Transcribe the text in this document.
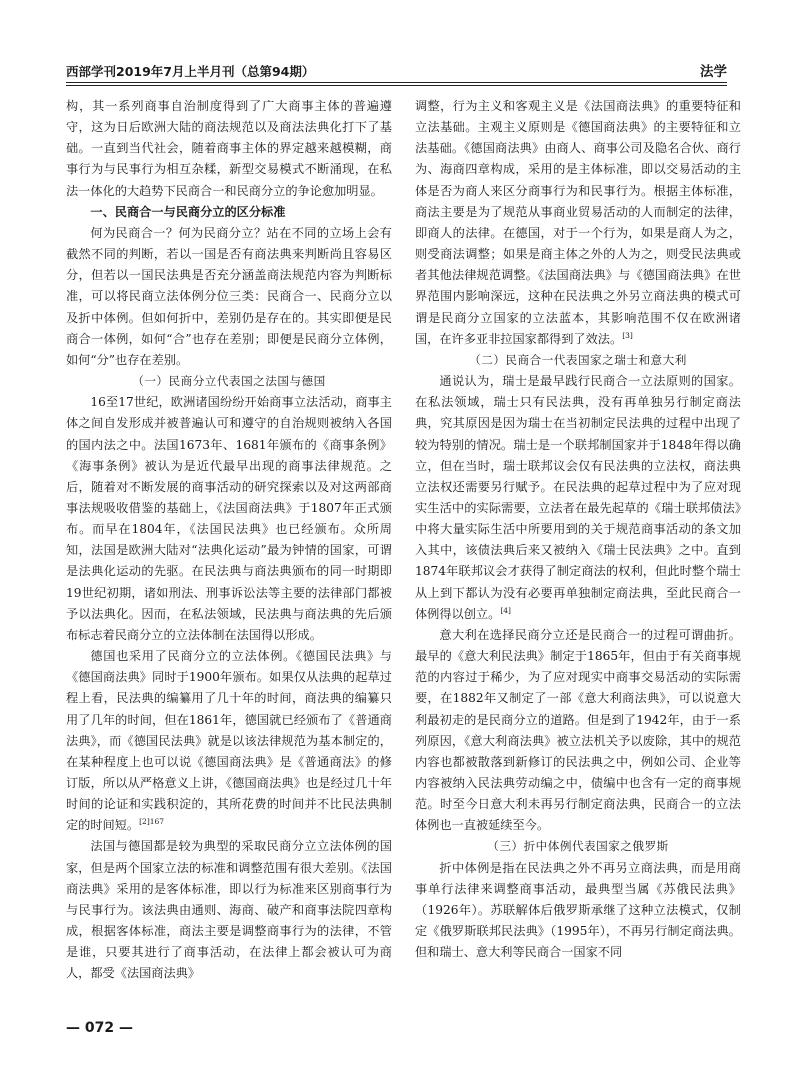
西部学刊2019年7月上半月刊（总第94期）	法学

构，其一系列商事自治制度得到了广大商事主体的普遍遵守，这为日后欧洲大陆的商法规范以及商法法典化打下了基础。一直到当代社会，随着商事主体的界定越来越模糊，商事行为与民事行为相互杂糅，新型交易模式不断涌现，在私法一体化的大趋势下民商合一和民商分立的争论愈加明显。

一、民商合一与民商分立的区分标准

何为民商合一？何为民商分立？站在不同的立场上会有截然不同的判断，若以一国是否有商法典来判断尚且容易区分，但若以一国民法典是否充分涵盖商法规范内容为判断标准，可以将民商立法体例分位三类：民商合一、民商分立以及折中体例。但如何折中，差别仍是存在的。其实即便是民商合一体例，如何“合”也存在差别；即便是民商分立体例，如何“分”也存在差别。

（一）民商分立代表国之法国与德国

16至17世纪，欧洲诸国纷纷开始商事立法活动，商事主体之间自发形成并被普遍认可和遵守的自治规则被纳入各国的国内法之中。法国1673年、1681年颁布的《商事条例》《海事条例》被认为是近代最早出现的商事法律规范。之后，随着对不断发展的商事活动的研究探索以及对这两部商事法规吸收借鉴的基础上，《法国商法典》于1807年正式颁布。而早在1804年，《法国民法典》也已经颁布。众所周知，法国是欧洲大陆对“法典化运动”最为钟情的国家，可谓是法典化运动的先驱。在民法典与商法典颁布的同一时期即19世纪初期，诸如刑法、刑事诉讼法等主要的法律部门都被予以法典化。因而，在私法领域，民法典与商法典的先后颁布标志着民商分立的立法体制在法国得以形成。

德国也采用了民商分立的立法体例。《德国民法典》与《德国商法典》同时于1900年颁布。如果仅从法典的起草过程上看，民法典的编纂用了几十年的时间，商法典的编纂只用了几年的时间，但在1861年，德国就已经颁布了《普通商法典》，而《德国民法典》就是以该法律规范为基本制定的，在某种程度上也可以说《德国商法典》是《普通商法》的修订版，所以从严格意义上讲，《德国商法典》也是经过几十年时间的论证和实践积淀的，其所花费的时间并不比民法典制定的时间短。$^{[2]167}$

法国与德国都是较为典型的采取民商分立立法体例的国家，但是两个国家立法的标准和调整范围有很大差别。《法国商法典》采用的是客体标准，即以行为标准来区别商事行为与民事行为。该法典由通则、海商、破产和商事法院四章构成，根据客体标准，商法主要是调整商事行为的法律，不管是谁，只要其进行了商事活动，在法律上都会被认可为商人，都受《法国商法典》

调整，行为主义和客观主义是《法国商法典》的重要特征和立法基础。主观主义原则是《德国商法典》的主要特征和立法基础。《德国商法典》由商人、商事公司及隐名合伙、商行为、海商四章构成，采用的是主体标准，即以交易活动的主体是否为商人来区分商事行为和民事行为。根据主体标准，商法主要是为了规范从事商业贸易活动的人而制定的法律，即商人的法律。在德国，对于一个行为，如果是商人为之，则受商法调整；如果是商主体之外的人为之，则受民法典或者其他法律规范调整。《法国商法典》与《德国商法典》在世界范围内影响深远，这种在民法典之外另立商法典的模式可谓是民商分立国家的立法蓝本，其影响范围不仅在欧洲诸国，在许多亚非拉国家都得到了效法。[3]

（二）民商合一代表国家之瑞士和意大利

通说认为，瑞士是最早践行民商合一立法原则的国家。在私法领域，瑞士只有民法典，没有再单独另行制定商法典，究其原因是因为瑞士在当初制定民法典的过程中出现了较为特别的情况。瑞士是一个联邦制国家并于1848年得以确立，但在当时，瑞士联邦议会仅有民法典的立法权，商法典立法权还需要另行赋予。在民法典的起草过程中为了应对现实生活中的实际需要，立法者在最先起草的《瑞士联邦债法》中将大量实际生活中所要用到的关于规范商事活动的条文加入其中，该债法典后来又被纳入《瑞士民法典》之中。直到1874年联邦议会才获得了制定商法的权利，但此时整个瑞士从上到下都认为没有必要再单独制定商法典，至此民商合一体例得以创立。[4]

意大利在选择民商分立还是民商合一的过程可谓曲折。最早的《意大利民法典》制定于1865年，但由于有关商事规范的内容过于稀少，为了应对现实中商事交易活动的实际需要，在1882年又制定了一部《意大利商法典》，可以说意大利最初走的是民商分立的道路。但是到了1942年，由于一系列原因，《意大利商法典》被立法机关予以废除，其中的规范内容也都被散落到新修订的民法典之中，例如公司、企业等内容被纳入民法典劳动编之中，债编中也含有一定的商事规范。时至今日意大利未再另行制定商法典，民商合一的立法体例也一直被延续至今。

（三）折中体例代表国家之俄罗斯

折中体例是指在民法典之外不再另立商法典，而是用商事单行法律来调整商事活动，最典型当属《苏俄民法典》（1926年）。苏联解体后俄罗斯承继了这种立法模式，仅制定《俄罗斯联邦民法典》（1995年），不再另行制定商法典。但和瑞士、意大利等民商合一国家不同

— 072 —
